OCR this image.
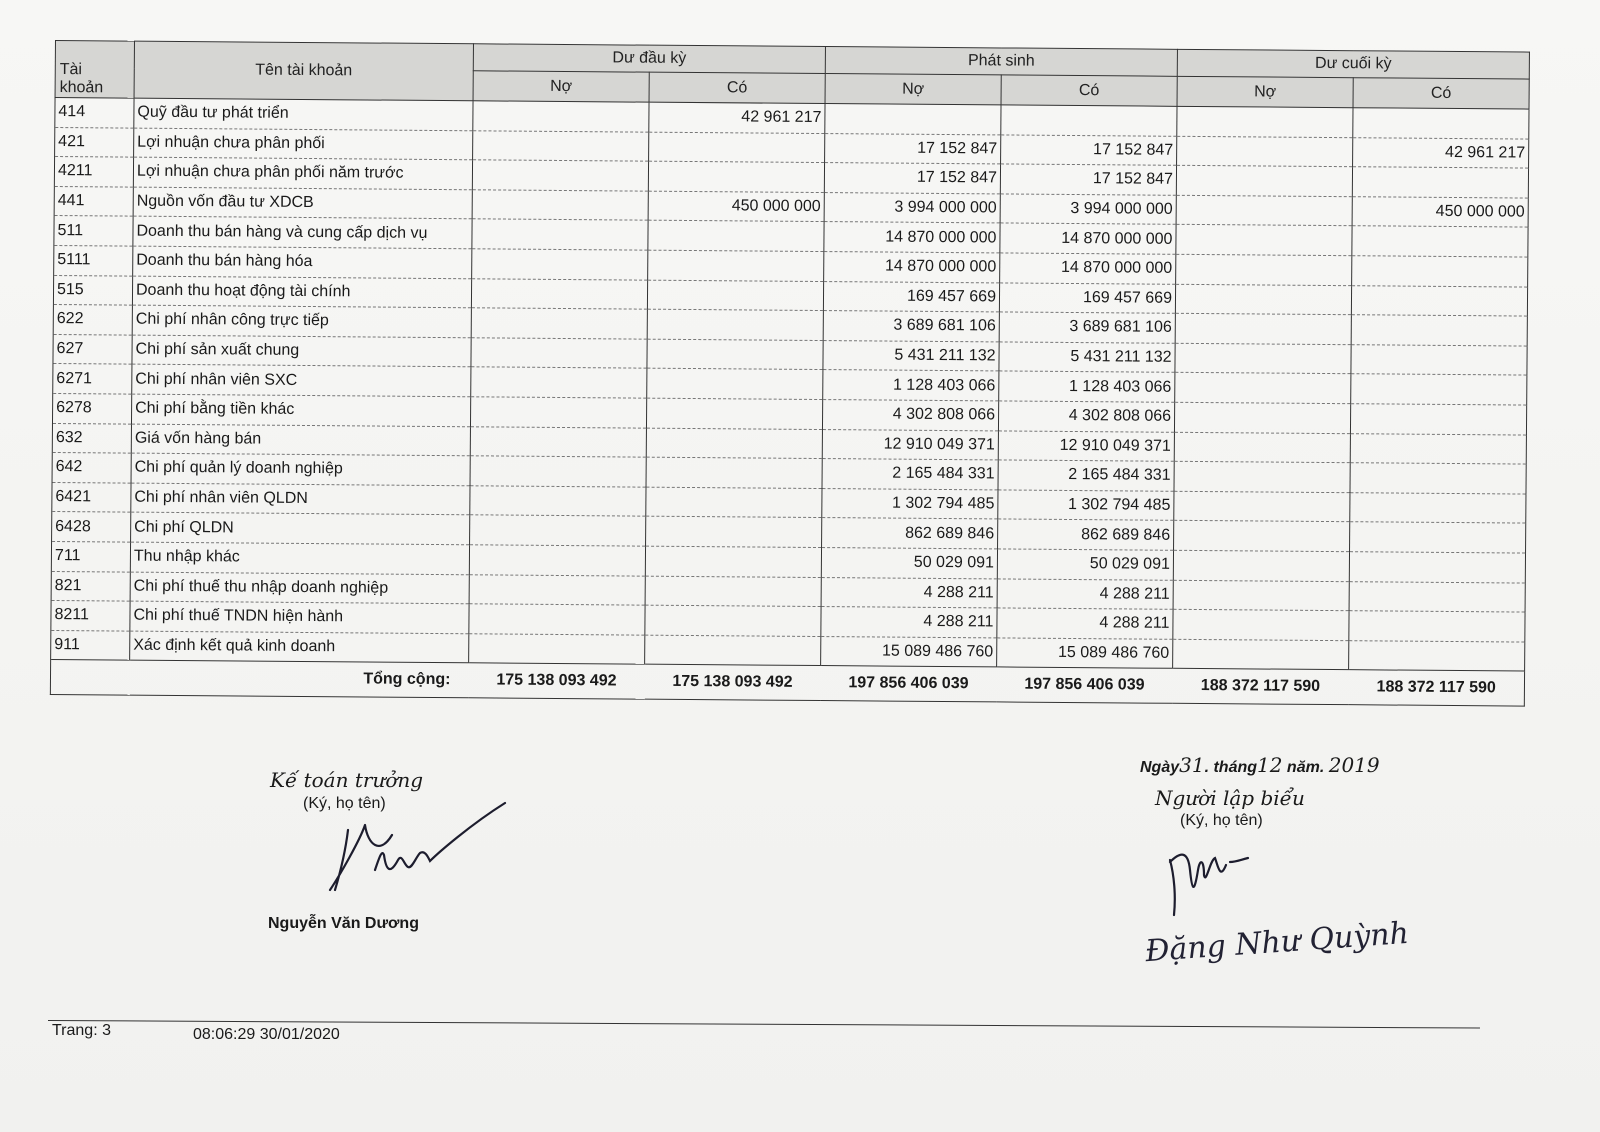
Tài khoản	Tên tài khoản	Dư đầu kỳ		Phát sinh		Dư cuối kỳ	
		Nợ	Có	Nợ	Có	Nợ	Có
414	Quỹ đầu tư phát triển		42 961 217				
421	Lợi nhuận chưa phân phối			17 152 847	17 152 847		42 961 217
4211	Lợi nhuận chưa phân phối năm trước			17 152 847	17 152 847		
441	Nguồn vốn đầu tư XDCB		450 000 000	3 994 000 000	3 994 000 000		450 000 000
511	Doanh thu bán hàng và cung cấp dịch vụ			14 870 000 000	14 870 000 000		
5111	Doanh thu bán hàng hóa			14 870 000 000	14 870 000 000		
515	Doanh thu hoạt động tài chính			169 457 669	169 457 669		
622	Chi phí nhân công trực tiếp			3 689 681 106	3 689 681 106		
627	Chi phí sản xuất chung			5 431 211 132	5 431 211 132		
6271	Chi phí nhân viên SXC			1 128 403 066	1 128 403 066		
6278	Chi phí bằng tiền khác			4 302 808 066	4 302 808 066		
632	Giá vốn hàng bán			12 910 049 371	12 910 049 371		
642	Chi phí quản lý doanh nghiệp			2 165 484 331	2 165 484 331		
6421	Chi phí nhân viên QLDN			1 302 794 485	1 302 794 485		
6428	Chi phí QLDN			862 689 846	862 689 846		
711	Thu nhập khác			50 029 091	50 029 091		
821	Chi phí thuế thu nhập doanh nghiệp			4 288 211	4 288 211		
8211	Chi phí thuế TNDN hiện hành			4 288 211	4 288 211		
911	Xác định kết quả kinh doanh			15 089 486 760	15 089 486 760		
Tổng cộng:		175 138 093 492	175 138 093 492	197 856 406 039	197 856 406 039	188 372 117 590	188 372 117 590
Ngày31. tháng12 năm. 2019
Kế toán trưởng
(Ký, họ tên)
Nguyễn Văn Dương
Người lập biểu
(Ký, họ tên)
Đặng Như Quỳnh
Trang: 3	08:06:29 30/01/2020
